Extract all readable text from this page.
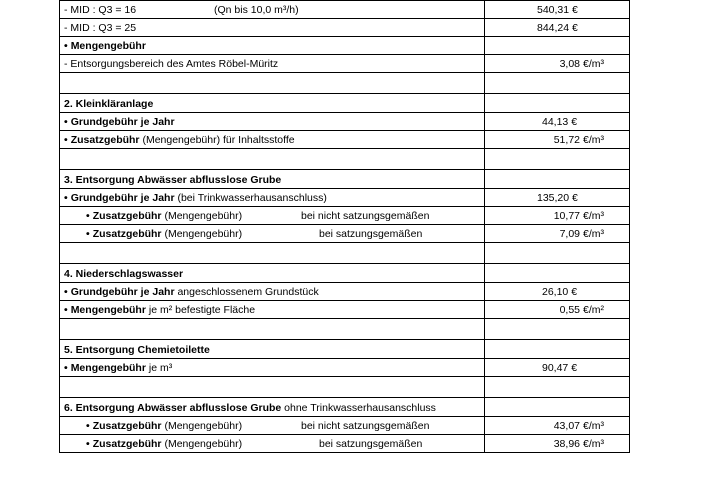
- MID : Q3 = 16 (Qn bis 10,0 m³/h)	540,31 €
- MID : Q3 = 25	844,24 €
• Mengengebühr	
- Entsorgungsbereich des Amtes Röbel-Müritz	3,08 €/m³

2. Kleinkläranlage	
• Grundgebühr je Jahr	44,13 €
• Zusatzgebühr (Mengengebühr) für Inhaltsstoffe	51,72 €/m³

3. Entsorgung Abwässer abflusslose Grube	
• Grundgebühr je Jahr (bei Trinkwasserhausanschluss)	135,20 €
• Zusatzgebühr (Mengengebühr) bei nicht satzungsgemäßen	10,77 €/m³

• Zusatzgebühr (Mengengebühr) bei satzungsgemäßen	7,09 €/m³

4. Niederschlagswasser	
• Grundgebühr je Jahr angeschlossenem Grundstück	26,10 €
• Mengengebühr je m² befestigte Fläche	0,55 €/m²

5. Entsorgung Chemietoilette	
• Mengengebühr je m³	90,47 €

6. Entsorgung Abwässer abflusslose Grube ohne Trinkwasserhausanschluss	
• Zusatzgebühr (Mengengebühr) bei nicht satzungsgemäßen	43,07 €/m³

• Zusatzgebühr (Mengengebühr) bei satzungsgemäßen	38,96 €/m³
